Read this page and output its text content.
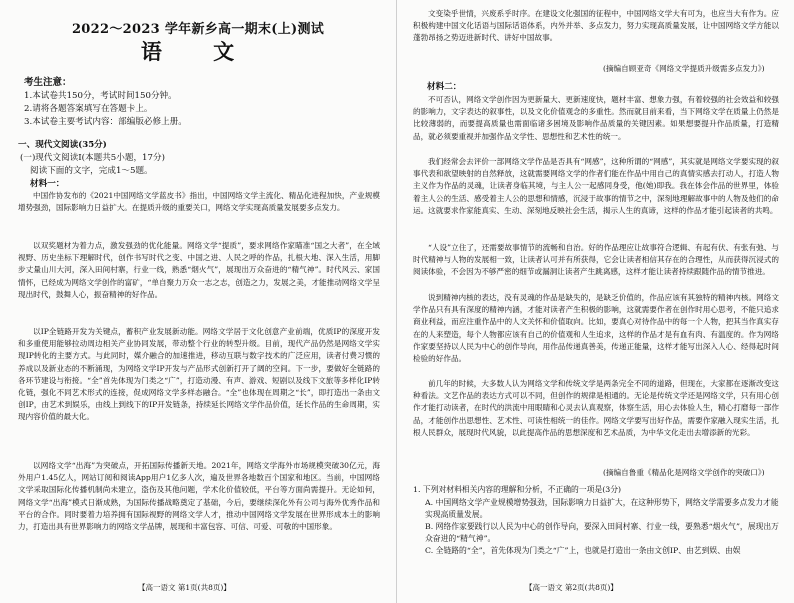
2022～2023 学年新乡高一期末(上)测试
语 文
考生注意：
1.本试卷共150分，考试时间150分钟。
2.请将各题答案填写在答题卡上。
3.本试卷主要考试内容：部编版必修上册。
一、现代文阅读(35分)
(一)现代文阅读Ⅰ(本题共5小题，17分)
阅读下面的文字，完成1～5题。
材料一：
中国作协发布的《2021中国网络文学蓝皮书》指出，中国网络文学主流化、精品化进程加快，产业规模增势强劲，国际影响力日益扩大。在提质升级的重要关口，网络文学实现高质量发展要多点发力。
以双奖题材为着力点，激发强劲的优化能量。网络文学“提质”，要求网络作家瞄准“国之大者”，在全域视野、历史坐标下理解时代，创作书写时代之变、中国之进、人民之呼的作品，扎根大地、深入生活，用脚步丈量山川大河，深入田间村寨，行业一线，熟悉“烟火气”，展现出万众奋进的“精气神”。时代风云、家国情怀，已经成为网络文学创作的富矿，“单自聚力万众一志之志，创造之力，发展之美，才能推动网络文学呈现出时代，鼓舞人心，振奋精神的好作品。
以IP全链路开发为关键点，蓄积产业发展新动能。网络文学居于文化创意产业前端，优质IP的深度开发和多重使用能够拉动周边相关产业协同发展，带动整个行业的转型升级。目前，现代产品仍然是网络文学实现IP转化的主要方式。与此同时，媒介融合的加速推进，移动互联与数字技术的广泛应用，读者付费习惯的养成以及新业态的不断涌现，为网络文学IP开发与产品形式创新打开了阔的空间。下一步，要做好全链路的各环节建设与衔接。“全”首先体现为门类之“广”，打造动漫、有声、游戏、短剧以及线下文旅等多样化IP转化链，强化不同艺术形式的连接，促成网络文学多样态融合。“全”也体现在周期之“长”，即打造出一条由文创IP，由艺术到娱乐，由线上到线下的IP开发链条，持续延长网络文学作品价值，延长作品的生命周期，实现内容价值的最大化。
以网络文学“出海”为突破点，开拓国际传播新天地。2021年，网络文学海外市场规模突破30亿元，海外用户1.45亿人，网站订阅和阅读App用户1亿多人次，遍及世界各地数百个国家和地区。当前，中国网络文学采取国际化传播机制尚未建立，盗伤及其他问题，学术化价值较低，平台等方面尚需提升。无论如何，网络文学“出海”模式日渐成熟，为国际传播战略奠定了基础，今后，要继续深化外有公司与海外优秀作品和平台的合作。同时要着力培养拥有国际视野的网络文学人才，推动中国网络文学发展在世界形成本土的影响力，打造出具有世界影响力的网络文学品牌，展现和丰富包容、可信、可爱、可敬的中国形象。
【高一语文 第1页(共8页)】
文变染乎世情，兴废系乎时序。在建设文化强国的征程中，中国网络文学大有可为，也应当大有作为。应积极构建中国文化话语与国际话语体系，内外并举、多点发力，努力实现高质量发展，让中国网络文学方能以蓬勃昂扬之势迈进新时代、讲好中国故事。
(摘编自顾亚奇《网络文学提质升级需多点发力》)
材料二：
不可否认，网络文学创作因为更新量大、更新速度快，题材丰富、想象力强，有着较强的社会效益和较强的影响力，文字表达的叙事性，以及文化价值观念的多重性。然而就目前来看，当下网络文学在质量上仍然是比较薄弱的，而要提高质量也需面临诸多困境及影响作品质量的关键因素。如果想要提升作品质量，打造精品，就必须要重视并加强作品文学性、思想性和艺术性的统一。
我们经常会去评价一部网络文学作品是否具有“网感”，这种所谓的“网感”，其实就是网络文学要实现的叙事代表和欲望映射的自然释放，这就需要网络文学的作者们能在作品中用自己的真情实感去打动人，打造人物主义作为作品的灵魂，让读者身临其境，与主人公一起感同身受，他(她)即我。我在体会作品的世界里，体验着主人公的生活、感受着主人公的思想和情感，沉浸于故事的情节之中，深刻地理解故事中的人物及他们的命运。这就要求作家能真实、生动、深刻地反映社会生活，揭示人生的真谛，这样的作品才能引起读者的共鸣。
“人设”立住了，还需要故事情节的流畅和自治。好的作品理应让故事符合逻辑、有起有伏、有张有弛、与时代精神与人物的发展相一致，让读者认可并有所获得，它会让读者相信其存在的合理性，从而获得沉浸式的阅读体验，不会因为不够严密的细节或漏洞让读者产生跳离感，这样才能让读者持续跟随作品的情节推进。
说到精神内核的表达，没有灵魂的作品是缺失的，是缺乏价值的，作品应该有其独特的精神内核。网络文学作品只有具有深度的精神内涵，才能对读者产生积极的影响，这就需要作者在创作时用心思考，不能只追求商业利益，而应注重作品中的人文关怀和价值取向。比如，要真心对待作品中的每一个人物，把其当作真实存在的人来塑造，每个人物都应该有自己的价值观和人生追求，这样的作品才是有血有肉、有温度的。作为网络作家要坚持以人民为中心的创作导向，用作品传递真善美，传递正能量，这样才能写出深入人心、经得起时间检验的好作品。
前几年的时候，大多数人认为网络文学和传统文学是两条完全不同的道路，但现在，大家都在逐渐改变这种看法。文艺作品的表达方式可以不同，但创作的规律是相通的。无论是传统文学还是网络文学，只有用心创作才能打动读者，在时代的洪流中用眼睛和心灵去认真观察，体察生活，用心去体验人生，精心打磨每一部作品，才能创作出思想性、艺术性、可读性相统一的佳作。网络文学要写出好作品，需要作家融入现实生活，扎根人民群众，展现时代风貌，以此提高作品的思想深度和艺术品质，为中华文化走出去增添新的光彩。
(摘编自鲁重《精品化是网络文学创作的突破口》)
1. 下列对材料相关内容的理解和分析，不正确的一项是(3分)
A. 中国网络文学产业规模增势强劲，国际影响力日益扩大，在这种形势下，网络文学需要多点发力才能实现高质量发展。
B. 网络作家要践行以人民为中心的创作导向，要深入田间村寨、行业一线，要熟悉“烟火气”，展现出万众奋进的“精气神”。
C. 全链路的“全”，首先体现为门类之“广”上，也就是打造出一条由文创IP、由艺到娱、由娱
【高一语文 第2页(共8页)】
